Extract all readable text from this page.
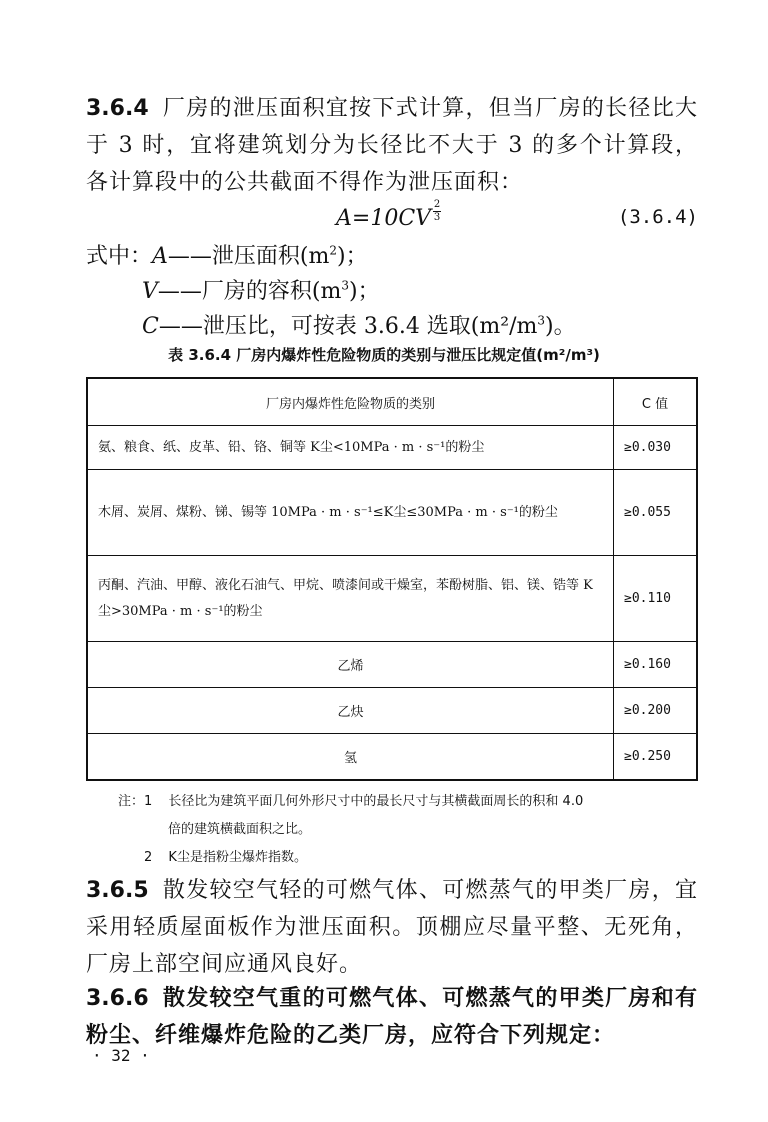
3.6.4 厂房的泄压面积宜按下式计算，但当厂房的长径比大于 3 时，宜将建筑划分为长径比不大于 3 的多个计算段，各计算段中的公共截面不得作为泄压面积：
$A=10CV \frac{2}{3}$	(3.6.4)
式中：A——泄压面积$(m^2)$；
V——厂房的容积$(m^3)$；
C——泄压比，可按表 3.6.4 选取$(m^2/m^3)$。
表 3.6.4 厂房内爆炸性危险物质的类别与泄压比规定值(m²/m³)
厂房内爆炸性危险物质的类别	C 值
氨、粮食、纸、皮革、铅、铬、铜等 K尘<10MPa · m · s⁻¹的粉尘	≥0.030
木屑、炭屑、煤粉、锑、锡等 10MPa · m · s⁻¹≤K尘≤30MPa · m · s⁻¹的粉尘	≥0.055
丙酮、汽油、甲醇、液化石油气、甲烷、喷漆间或干燥室，苯酚树脂、铝、镁、锆等 K尘>30MPa · m · s⁻¹的粉尘	≥0.110
乙烯	≥0.160
乙炔	≥0.200
氢	≥0.250
注：1 长径比为建筑平面几何外形尺寸中的最长尺寸与其横截面周长的积和 4.0
倍的建筑横截面积之比。
2 K尘是指粉尘爆炸指数。
3.6.5 散发较空气轻的可燃气体、可燃蒸气的甲类厂房，宜采用轻质屋面板作为泄压面积。顶棚应尽量平整、无死角，厂房上部空间应通风良好。
3.6.6 散发较空气重的可燃气体、可燃蒸气的甲类厂房和有粉尘、纤维爆炸危险的乙类厂房，应符合下列规定：
· 32 ·
